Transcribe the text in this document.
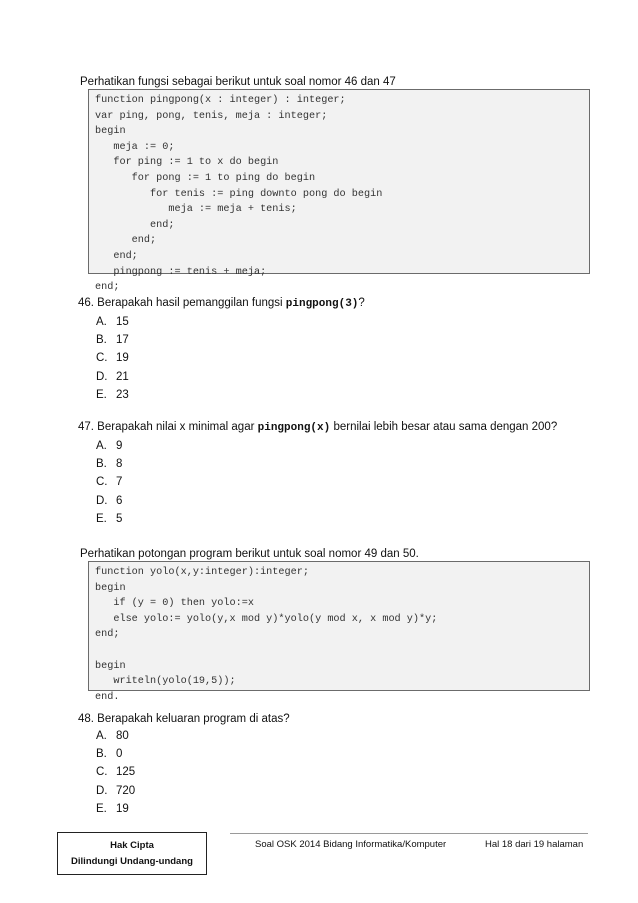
Perhatikan fungsi sebagai berikut untuk soal nomor 46 dan 47
function pingpong(x : integer) : integer;
var ping, pong, tenis, meja : integer;
begin
meja := 0;
for ping := 1 to x do begin
for pong := 1 to ping do begin
for tenis := ping downto pong do begin
meja := meja + tenis;
end;
end;
end;
pingpong := tenis + meja;
end;
46. Berapakah hasil pemanggilan fungsi pingpong(3)?
A. 15
B. 17
C. 19
D. 21
E. 23
47. Berapakah nilai x minimal agar pingpong(x) bernilai lebih besar atau sama dengan 200?
A. 9
B. 8
C. 7
D. 6
E. 5
Perhatikan potongan program berikut untuk soal nomor 49 dan 50.
function yolo(x,y:integer):integer;
begin
if (y = 0) then yolo:=x
else yolo:= yolo(y,x mod y)*yolo(y mod x, x mod y)*y;
end;

begin
writeln(yolo(19,5));
end.
48. Berapakah keluaran program di atas?
A. 80
B. 0
C. 125
D. 720
E. 19
Hak Cipta
Dilindungi Undang-undang
Soal OSK 2014 Bidang Informatika/Komputer	Hal 18 dari 19 halaman
